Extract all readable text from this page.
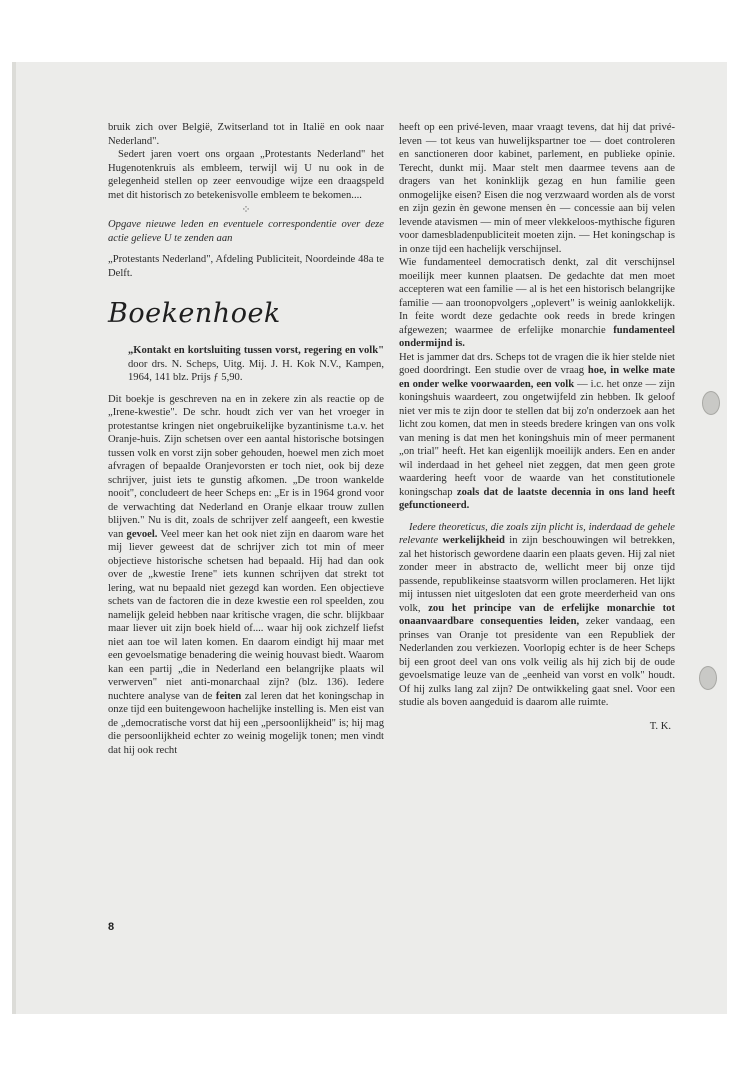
bruik zich over België, Zwitserland tot in Italië en ook naar Nederland".

Sedert jaren voert ons orgaan „Protestants Nederland" het Hugenotenkruis als embleem, terwijl wij U nu ook in de gelegenheid stellen op zeer eenvoudige wijze een draagspeld met dit historisch zo betekenisvolle embleem te bekomen....

⁘

Opgave nieuwe leden en eventuele correspondentie over deze actie gelieve U te zenden aan

„Protestants Nederland", Afdeling Publiciteit, Noordeinde 48a te Delft.

Boekenhoek

„Kontakt en kortsluiting tussen vorst, regering en volk" door drs. N. Scheps, Uitg. Mij. J. H. Kok N.V., Kampen, 1964, 141 blz. Prijs ƒ 5,90.

Dit boekje is geschreven na en in zekere zin als reactie op de „Irene-kwestie". De schr. houdt zich ver van het vroeger in protestantse kringen niet ongebruikelijke byzantinisme t.a.v. het Oranje-huis. Zijn schetsen over een aantal historische botsingen tussen volk en vorst zijn sober gehouden, hoewel men zich moet afvragen of bepaalde Oranjevorsten er toch niet, ook bij deze schrijver, juist iets te gunstig afkomen. „De troon wankelde nooit", concludeert de heer Scheps en: „Er is in 1964 grond voor de verwachting dat Nederland en Oranje elkaar trouw zullen blijven." Nu is dit, zoals de schrijver zelf aangeeft, een kwestie van gevoel. Veel meer kan het ook niet zijn en daarom ware het mij liever geweest dat de schrijver zich tot min of meer objectieve historische schetsen had bepaald. Hij had dan ook over de „kwestie Irene" iets kunnen schrijven dat strekt tot lering, wat nu bepaald niet gezegd kan worden. Een objectieve schets van de factoren die in deze kwestie een rol speelden, zou namelijk geleid hebben naar kritische vragen, die schr. blijkbaar maar liever uit zijn boek hield of.... waar hij ook zichzelf liefst niet aan toe wil laten komen. En daarom eindigt hij maar met een gevoelsmatige benadering die weinig houvast biedt. Waarom kan een partij „die in Nederland een belangrijke plaats wil verwerven" niet anti-monarchaal zijn? (blz. 136). Iedere nuchtere analyse van de feiten zal leren dat het koningschap in onze tijd een buitengewoon hachelijke instelling is. Men eist van de „democratische vorst dat hij een „persoonlijkheid" is; hij mag die persoonlijkheid echter zo weinig mogelijk tonen; men vindt dat hij ook recht

heeft op een privé-leven, maar vraagt tevens, dat hij dat privé-leven — tot keus van huwelijkspartner toe — doet controleren en sanctioneren door kabinet, parlement, en publieke opinie. Terecht, dunkt mij. Maar stelt men daarmee tevens aan de dragers van het koninklijk gezag en hun familie geen onmogelijke eisen? Eisen die nog verzwaard worden als de vorst en zijn gezin èn gewone mensen èn — concessie aan bij velen levende atavismen — min of meer vlekkeloos-mythische figuren voor damesbladenpubliciteit moeten zijn. — Het koningschap is in onze tijd een hachelijk verschijnsel.

Wie fundamenteel democratisch denkt, zal dit verschijnsel moeilijk meer kunnen plaatsen. De gedachte dat men moet accepteren wat een familie — al is het een historisch belangrijke familie — aan troonopvolgers „oplevert" is weinig aanlokkelijk. In feite wordt deze gedachte ook reeds in brede kringen afgewezen; waarmee de erfelijke monarchie fundamenteel ondermijnd is.

Het is jammer dat drs. Scheps tot de vragen die ik hier stelde niet goed doordringt. Een studie over de vraag hoe, in welke mate en onder welke voorwaarden, een volk — i.c. het onze — zijn koningshuis waardeert, zou ongetwijfeld zin hebben. Ik geloof niet ver mis te zijn door te stellen dat bij zo'n onderzoek aan het licht zou komen, dat men in steeds bredere kringen van ons volk van mening is dat men het koningshuis min of meer permanent „on trial" heeft. Het kan eigenlijk moeilijk anders. Een en ander wil inderdaad in het geheel niet zeggen, dat men geen grote waardering heeft voor de waarde van het constitutionele koningschap zoals dat de laatste decennia in ons land heeft gefunctioneerd.

Iedere theoreticus, die zoals zijn plicht is, inderdaad de gehele relevante werkelijkheid in zijn beschouwingen wil betrekken, zal het historisch gewordene daarin een plaats geven. Hij zal niet zonder meer in abstracto de, wellicht meer bij onze tijd passende, republikeinse staatsvorm willen proclameren. Het lijkt mij intussen niet uitgesloten dat een grote meerderheid van ons volk, zou het principe van de erfelijke monarchie tot onaanvaardbare consequenties leiden, zeker vandaag, een prinses van Oranje tot presidente van een Republiek der Nederlanden zou verkiezen. Voorlopig echter is de heer Scheps bij een groot deel van ons volk veilig als hij zich bij de oude gevoelsmatige leuze van de „eenheid van vorst en volk" houdt. Of hij zulks lang zal zijn? De ontwikkeling gaat snel. Voor een studie als boven aangeduid is daarom alle ruimte.

T. K.
8
